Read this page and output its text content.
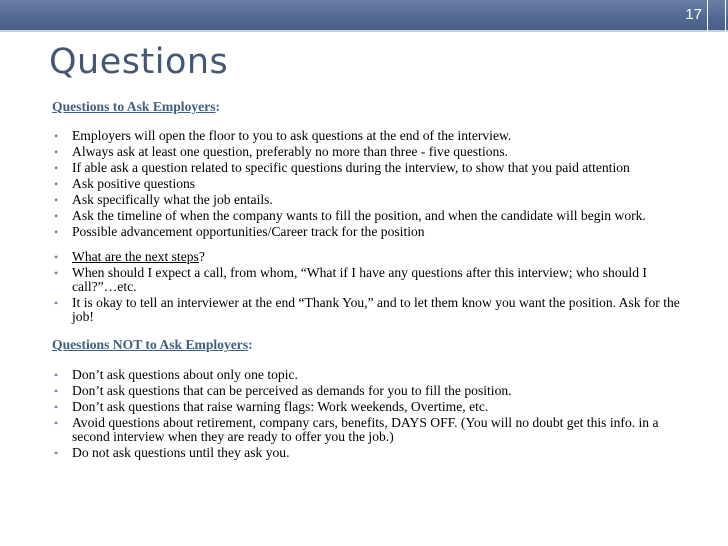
17
Questions
Questions to Ask Employers:
• Employers will open the floor to you to ask questions at the end of the interview.
• Always ask at least one question, preferably no more than three - five questions.
• If able ask a question related to specific questions during the interview, to show that you paid attention
• Ask positive questions
• Ask specifically what the job entails.
• Ask the timeline of when the company wants to fill the position, and when the candidate will begin work.
• Possible advancement opportunities/Career track for the position
• What are the next steps?
• When should I expect a call, from whom, “What if I have any questions after this interview; who should I call?”…etc.
• It is okay to tell an interviewer at the end “Thank You,” and to let them know you want the position. Ask for the job!
Questions NOT to Ask Employers:
• Don’t ask questions about only one topic.
• Don’t ask questions that can be perceived as demands for you to fill the position.
• Don’t ask questions that raise warning flags: Work weekends, Overtime, etc.
• Avoid questions about retirement, company cars, benefits, DAYS OFF. (You will no doubt get this info. in a second interview when they are ready to offer you the job.)
• Do not ask questions until they ask you.
